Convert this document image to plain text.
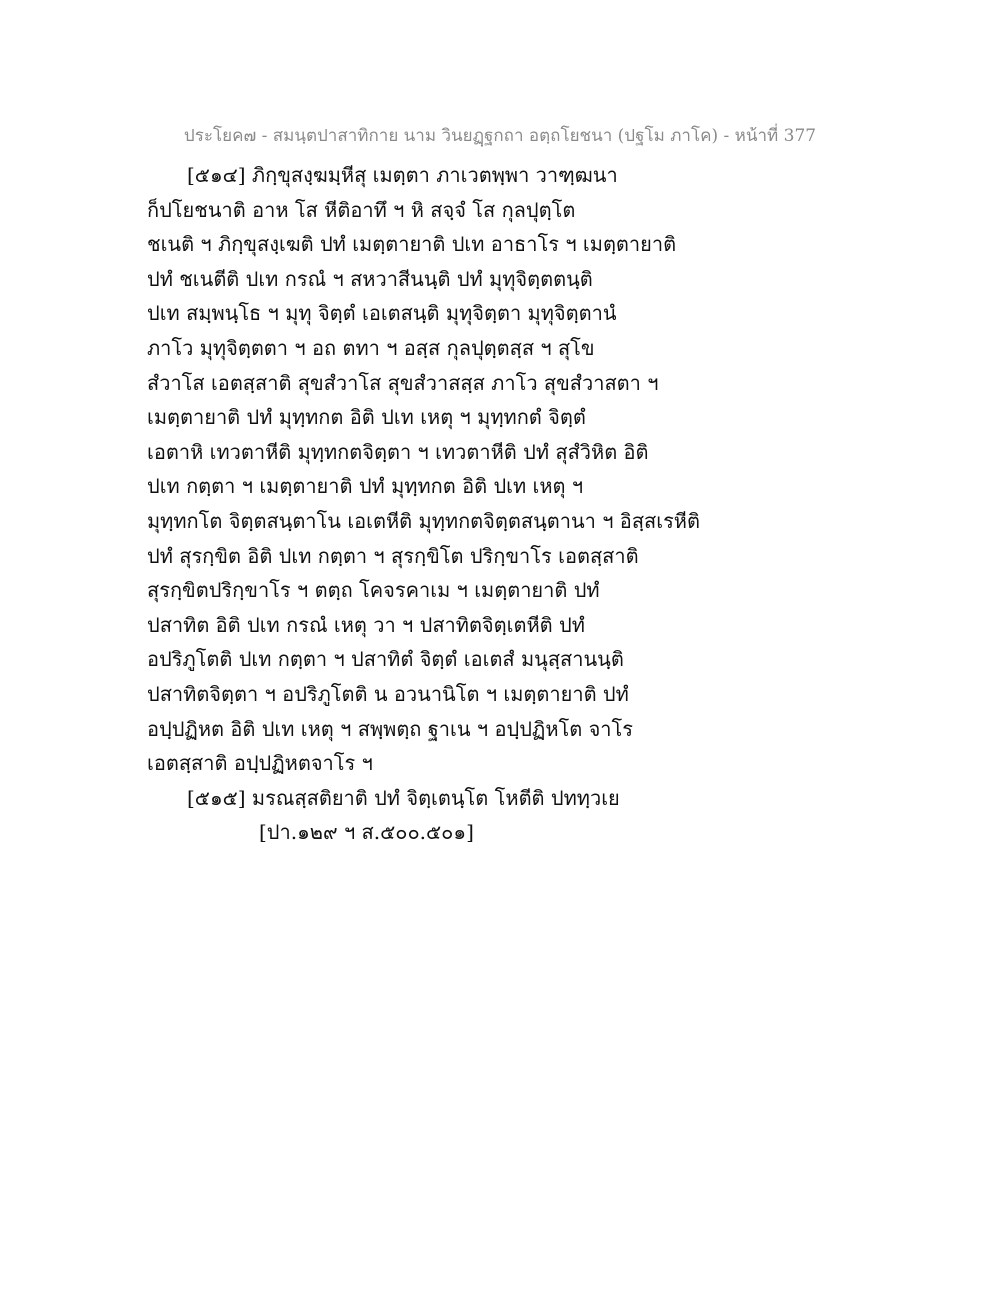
ประโยค๗ - สมนฺตปาสาทิกาย นาม วินยฏฺฐกถา อตฺถโยชนา (ปฐโม ภาโค) - หน้าที่ 377
[๕๑๔] ภิกฺขุสงฺฆมฺหีสุ เมตฺตา ภาเวตพฺพา วาฑฺฒนา
ก็ปโยชนาติ อาห โส หีติอาทึ ฯ หิ สจฺจํ โส กุลปุตฺโต
ชเนติ ฯ ภิกฺขุสงฺเฆติ ปทํ เมตฺตายาติ ปเท อาธาโร ฯ เมตฺตายาติ
ปทํ ชเนตีติ ปเท กรณํ ฯ สหวาสีนนฺติ ปทํ มุทุจิตฺตตนฺติ
ปเท สมฺพนฺโธ ฯ มุทุ จิตฺตํ เอเตสนฺติ มุทุจิตฺตา มุทุจิตฺตานํ
ภาโว มุทุจิตฺตตา ฯ อถ ตทา ฯ อสฺส กุลปุตฺตสฺส ฯ สุโข
สํวาโส เอตสฺสาติ สุขสํวาโส สุขสํวาสสฺส ภาโว สุขสํวาสตา ฯ
เมตฺตายาติ ปทํ มุทฺทกต อิติ ปเท เหตุ ฯ มุทฺทกตํ จิตฺตํ
เอตาหิ เทวตาหีติ มุทฺทกตจิตฺตา ฯ เทวตาหีติ ปทํ สุสํวิหิต อิติ
ปเท กตฺตา ฯ เมตฺตายาติ ปทํ มุทฺทกต อิติ ปเท เหตุ ฯ
มุทฺทกโต จิตฺตสนฺตาโน เอเตหีติ มุทฺทกตจิตฺตสนฺตานา ฯ อิสฺสเรหีติ
ปทํ สุรกฺขิต อิติ ปเท กตฺตา ฯ สุรกฺขิโต ปริกฺขาโร เอตสฺสาติ
สุรกฺขิตปริกฺขาโร ฯ ตตฺถ โคจรคาเม ฯ เมตฺตายาติ ปทํ
ปสาทิต อิติ ปเท กรณํ เหตุ วา ฯ ปสาทิตจิตฺเตหีติ ปทํ
อปริภูโตติ ปเท กตฺตา ฯ ปสาทิตํ จิตฺตํ เอเตสํ มนุสฺสานนฺติ
ปสาทิตจิตฺตา ฯ อปริภูโตติ น อวนานิโต ฯ เมตฺตายาติ ปทํ
อปฺปฏิหต อิติ ปเท เหตุ ฯ สพฺพตฺถ ฐาเน ฯ อปฺปฏิหโต จาโร
เอตสฺสาติ อปฺปฏิหตจาโร ฯ
[๕๑๕] มรณสฺสติยาติ ปทํ จิตฺเตนฺโต โหตีติ ปททฺวเย
[ปา.๑๒๙ ฯ ส.๕๐๐.๕๐๑]
